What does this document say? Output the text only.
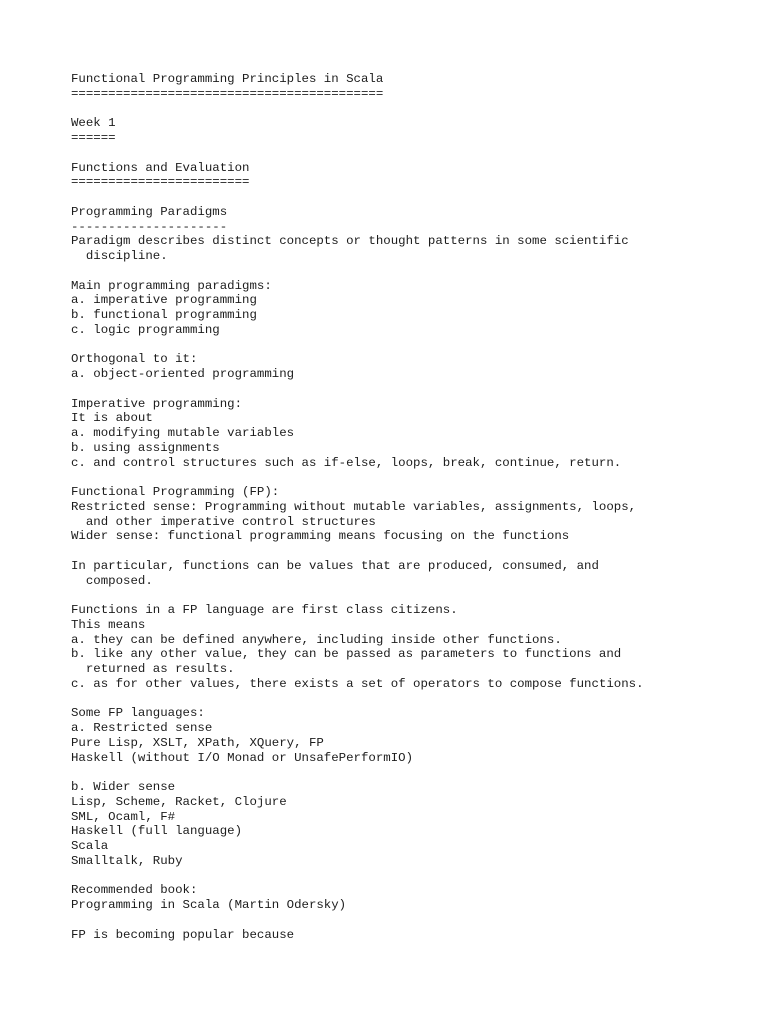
Functional Programming Principles in Scala
==========================================
Week 1
======
Functions and Evaluation
========================
Programming Paradigms
---------------------
Paradigm describes distinct concepts or thought patterns in some scientific
discipline.
Main programming paradigms:
a. imperative programming
b. functional programming
c. logic programming
Orthogonal to it:
a. object-oriented programming
Imperative programming:
It is about
a. modifying mutable variables
b. using assignments
c. and control structures such as if-else, loops, break, continue, return.
Functional Programming (FP):
Restricted sense: Programming without mutable variables, assignments, loops,
and other imperative control structures
Wider sense: functional programming means focusing on the functions
In particular, functions can be values that are produced, consumed, and
composed.
Functions in a FP language are first class citizens.
This means
a. they can be defined anywhere, including inside other functions.
b. like any other value, they can be passed as parameters to functions and
returned as results.
c. as for other values, there exists a set of operators to compose functions.
Some FP languages:
a. Restricted sense
Pure Lisp, XSLT, XPath, XQuery, FP
Haskell (without I/O Monad or UnsafePerformIO)
b. Wider sense
Lisp, Scheme, Racket, Clojure
SML, Ocaml, F#
Haskell (full language)
Scala
Smalltalk, Ruby
Recommended book:
Programming in Scala (Martin Odersky)
FP is becoming popular because
